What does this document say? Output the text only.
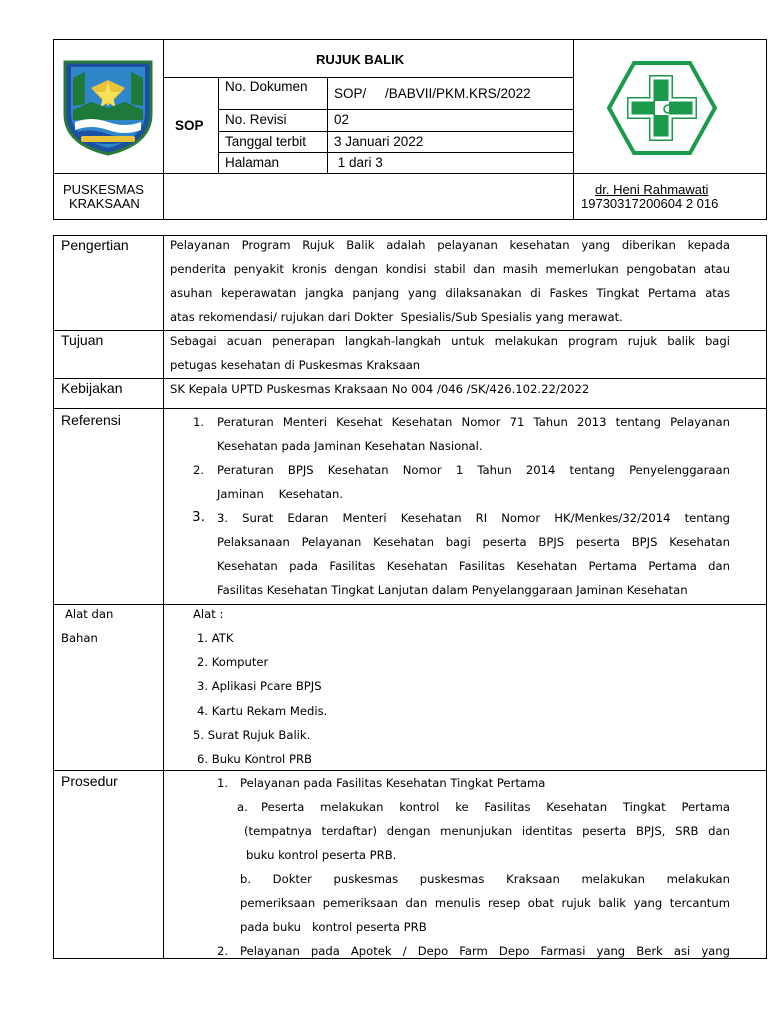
RUJUK BALIK
SOP
No. Dokumen SOP/     /BABVII/PKM.KRS/2022
No. Revisi	02
Tanggal terbit 3 Januari 2022
Halaman	1 dari 3
PUSKESMAS
KRAKSAAN
dr. Heni Rahmawati
19730317200604 2 016
Pengertian	Pelayanan Program Rujuk Balik adalah pelayanan kesehatan yang diberikan kepada
penderita penyakit kronis dengan kondisi stabil dan masih memerlukan pengobatan atau
asuhan keperawatan jangka panjang yang dilaksanakan di Faskes Tingkat Pertama atas
atas rekomendasi/ rujukan dari Dokter  Spesialis/Sub Spesialis yang merawat.
Tujuan	Sebagai acuan penerapan langkah-langkah untuk melakukan program rujuk balik bagi
petugas kesehatan di Puskesmas Kraksaan
Kebijakan	SK Kepala UPTD Puskesmas Kraksaan No 004 /046 /SK/426.102.22/2022
Referensi	1. Peraturan Menteri Kesehat Kesehatan Nomor 71 Tahun 2013 tentang Pelayanan
Kesehatan pada Jaminan Kesehatan Nasional.
2. Peraturan BPJS Kesehatan Nomor 1 Tahun 2014 tentang Penyelenggaraan
Jaminan    Kesehatan.
3. 3. Surat Edaran Menteri Kesehatan RI Nomor HK/Menkes/32/2014 tentang
Pelaksanaan Pelayanan Kesehatan bagi peserta BPJS peserta BPJS Kesehatan
Kesehatan pada Fasilitas Kesehatan Fasilitas Kesehatan Pertama Pertama dan
Fasilitas Kesehatan Tingkat Lanjutan dalam Penyelanggaraan Jaminan Kesehatan
Alat dan
Bahan
Alat :
1. ATK
2. Komputer
3. Aplikasi Pcare BPJS
4. Kartu Rekam Medis.
5. Surat Rujuk Balik.
6. Buku Kontrol PRB
Prosedur	1. Pelayanan pada Fasilitas Kesehatan Tingkat Pertama
a. Peserta melakukan kontrol ke Fasilitas Kesehatan Tingkat Pertama
(tempatnya terdaftar) dengan menunjukan identitas peserta BPJS, SRB dan
buku kontrol peserta PRB.
b. Dokter puskesmas puskesmas Kraksaan melakukan melakukan
pemeriksaan pemeriksaan dan menulis resep obat rujuk balik yang tercantum
pada buku   kontrol peserta PRB
2. Pelayanan pada Apotek / Depo Farm Depo Farmasi yang Berk asi yang
